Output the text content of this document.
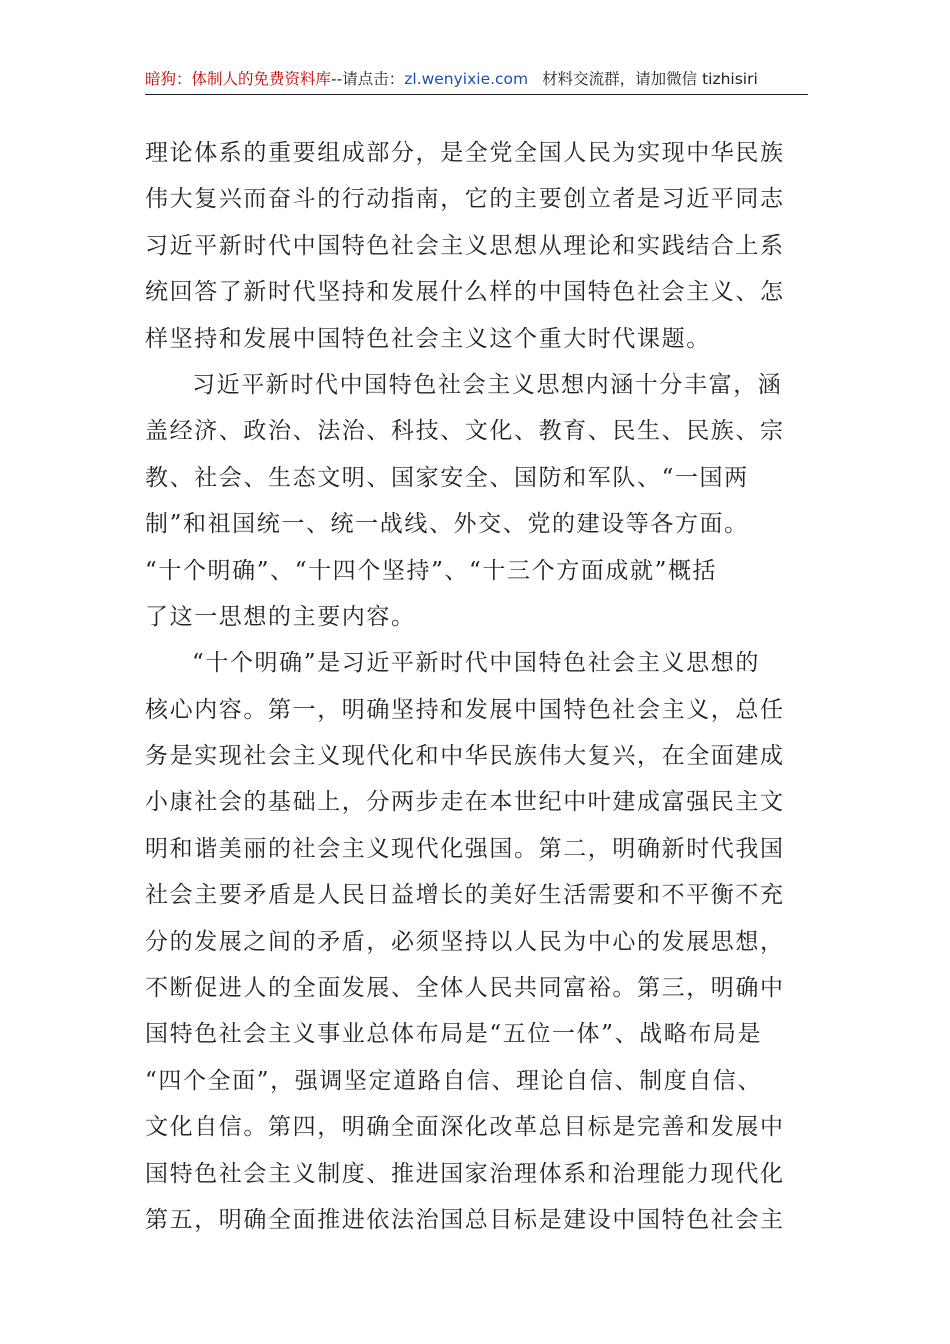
暗狗：体制人的免费资料库--请点击：zl.wenyixie.com 材料交流群，请加微信 tizhisiri
理论体系的重要组成部分，是全党全国人民为实现中华民族
伟大复兴而奋斗的行动指南，它的主要创立者是习近平同志
习近平新时代中国特色社会主义思想从理论和实践结合上系
统回答了新时代坚持和发展什么样的中国特色社会主义、怎
样坚持和发展中国特色社会主义这个重大时代课题。
习近平新时代中国特色社会主义思想内涵十分丰富，涵
盖经济、政治、法治、科技、文化、教育、民生、民族、宗
教、社会、生态文明、国家安全、国防和军队、“一国两
制”和祖国统一、统一战线、外交、党的建设等各方面。
“十个明确”、“十四个坚持”、“十三个方面成就”概括
了这一思想的主要内容。
“十个明确”是习近平新时代中国特色社会主义思想的
核心内容。第一，明确坚持和发展中国特色社会主义，总任
务是实现社会主义现代化和中华民族伟大复兴，在全面建成
小康社会的基础上，分两步走在本世纪中叶建成富强民主文
明和谐美丽的社会主义现代化强国。第二，明确新时代我国
社会主要矛盾是人民日益增长的美好生活需要和不平衡不充
分的发展之间的矛盾，必须坚持以人民为中心的发展思想，
不断促进人的全面发展、全体人民共同富裕。第三，明确中
国特色社会主义事业总体布局是“五位一体”、战略布局是
“四个全面”，强调坚定道路自信、理论自信、制度自信、
文化自信。第四，明确全面深化改革总目标是完善和发展中
国特色社会主义制度、推进国家治理体系和治理能力现代化
第五，明确全面推进依法治国总目标是建设中国特色社会主
